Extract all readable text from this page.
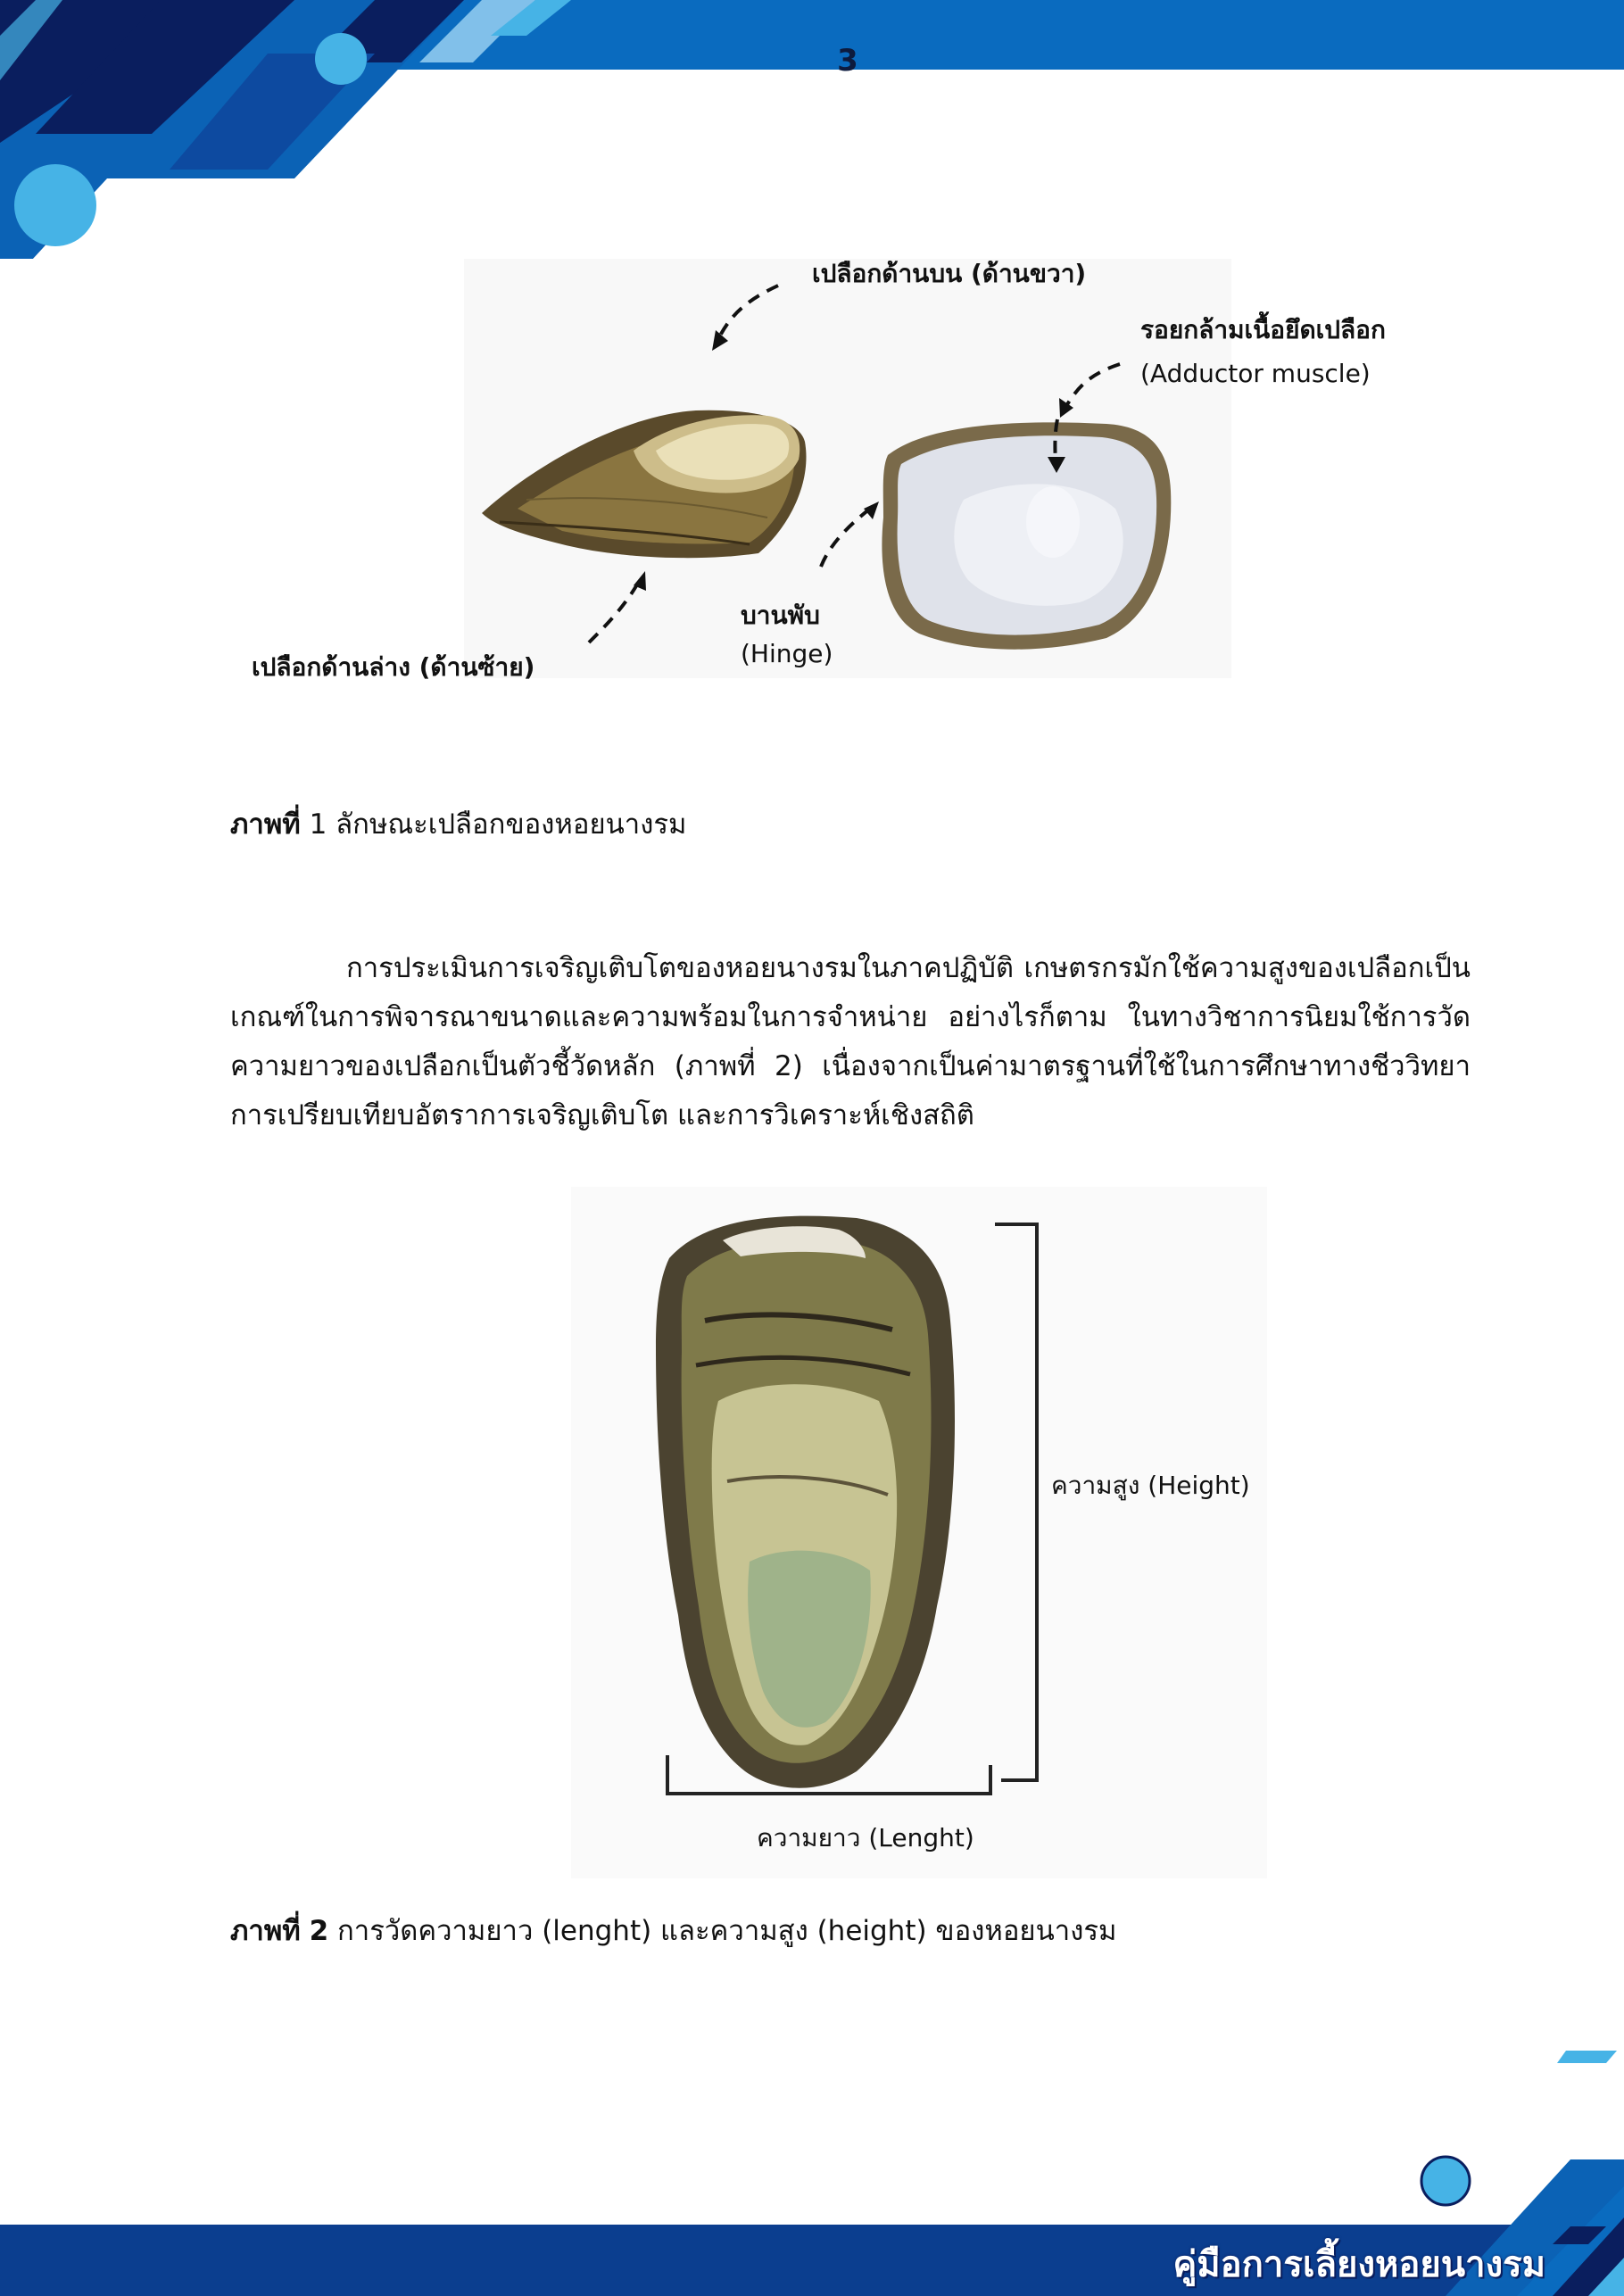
3
เปลือกด้านบน (ด้านขวา)
รอยกล้ามเนื้อยึดเปลือก
(Adductor muscle)
บานพับ
(Hinge)
เปลือกด้านล่าง (ด้านซ้าย)
ภาพที่ 1 ลักษณะเปลือกของหอยนางรม

การประเมินการเจริญเติบโตของหอยนางรมในภาคปฏิบัติ เกษตรกรมักใช้ความสูงของเปลือกเป็นเกณฑ์ในการพิจารณาขนาดและความพร้อมในการจำหน่าย อย่างไรก็ตาม ในทางวิชาการนิยมใช้การวัดความยาวของเปลือกเป็นตัวชี้วัดหลัก (ภาพที่ 2) เนื่องจากเป็นค่ามาตรฐานที่ใช้ในการศึกษาทางชีววิทยา การเปรียบเทียบอัตราการเจริญเติบโต และการวิเคราะห์เชิงสถิติ

ความสูง (Height)
ความยาว (Lenght)
ภาพที่ 2 การวัดความยาว (lenght) และความสูง (height) ของหอยนางรม
คู่มือการเลี้ยงหอยนางรม
